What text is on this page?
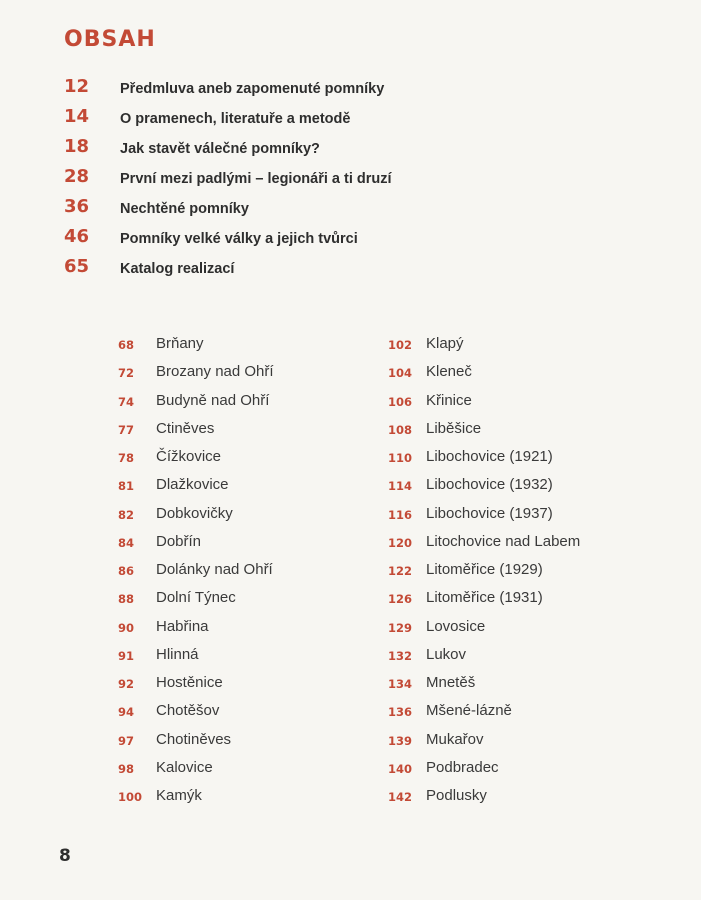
OBSAH
12 Předmluva aneb zapomenuté pomníky
14 O pramenech, literatuře a metodě
18 Jak stavět válečné pomníky?
28 První mezi padlými – legionáři a ti druzí
36 Nechtěné pomníky
46 Pomníky velké války a jejich tvůrci
65 Katalog realizací
68 Brňany
72 Brozany nad Ohří
74 Budyně nad Ohří
77 Ctiněves
78 Čížkovice
81 Dlažkovice
82 Dobkovičky
84 Dobřín
86 Dolánky nad Ohří
88 Dolní Týnec
90 Habřina
91 Hlinná
92 Hostěnice
94 Chotěšov
97 Chotiněves
98 Kalovice
100 Kamýk
102 Klapý
104 Kleneč
106 Křinice
108 Liběšice
110 Libochovice (1921)
114 Libochovice (1932)
116 Libochovice (1937)
120 Litochovice nad Labem
122 Litoměřice (1929)
126 Litoměřice (1931)
129 Lovosice
132 Lukov
134 Mnetěš
136 Mšené-lázně
139 Mukařov
140 Podbradec
142 Podlusky
8
